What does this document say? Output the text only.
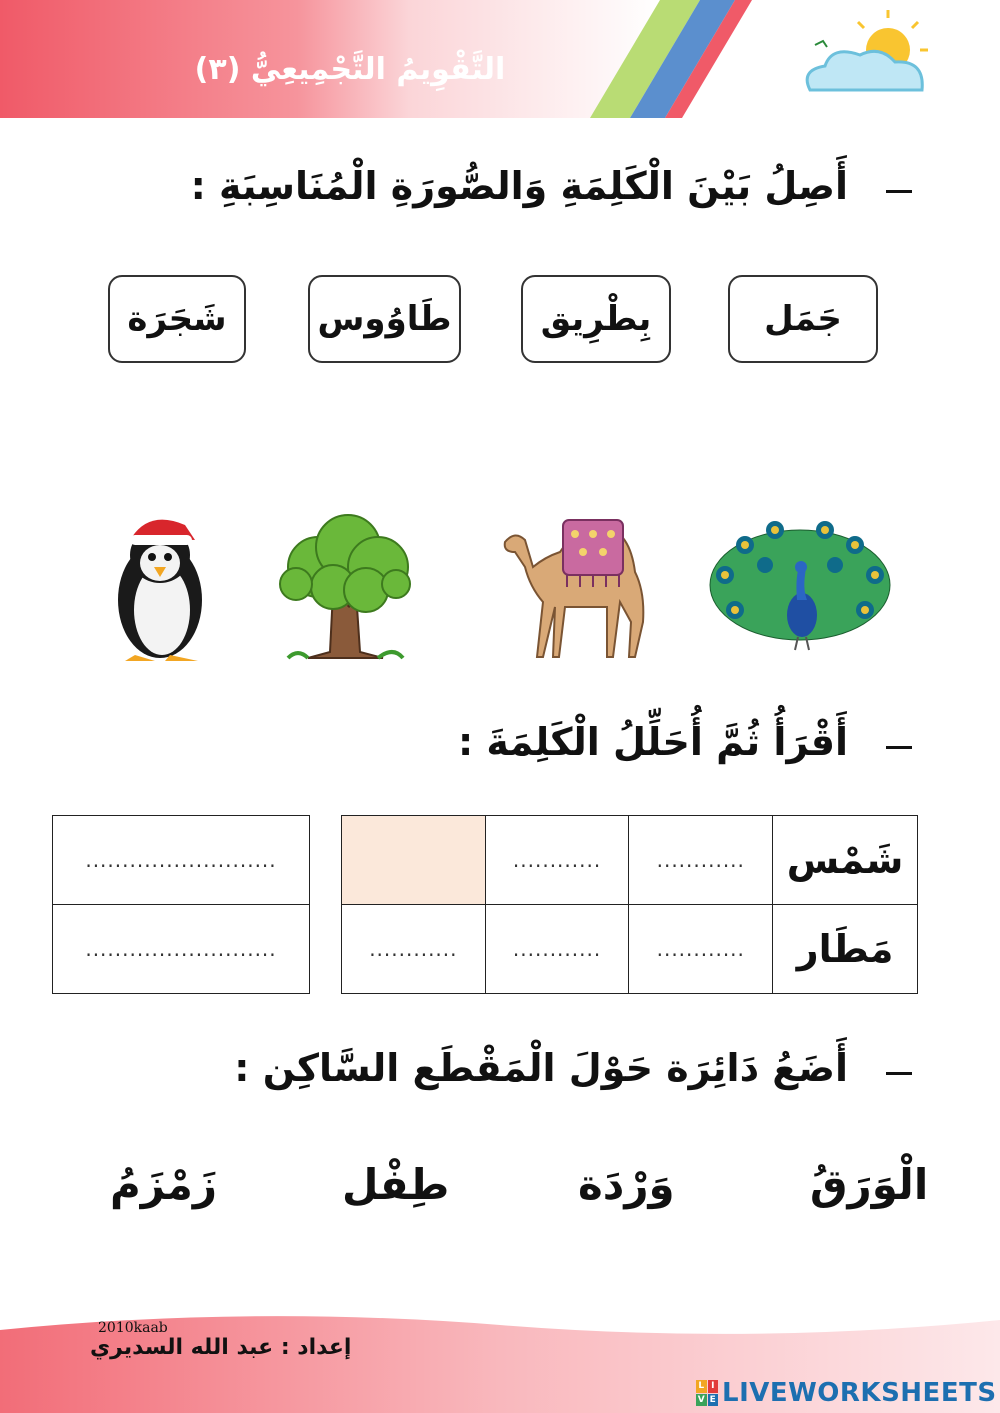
التَّقْوِيمُ التَّجْمِيعِيُّ (٣)
أَصِلُ بَيْنَ الْكَلِمَةِ وَالصُّورَةِ الْمُنَاسِبَةِ :
جَمَل
بِطْرِيق
طَاوُوس
شَجَرَة
أَقْرَأُ ثُمَّ أُحَلِّلُ الْكَلِمَةَ :
	............	............	شَمْس
............	............	............	مَطَار
..........................
..........................
أَضَعُ دَائِرَة حَوْلَ الْمَقْطَع السَّاكِن :
الْوَرَقُ
وَرْدَة
طِفْل
زَمْزَمُ
2010kaab
إعداد : عبد الله السديري
L I
V E LIVEWORKSHEETS
